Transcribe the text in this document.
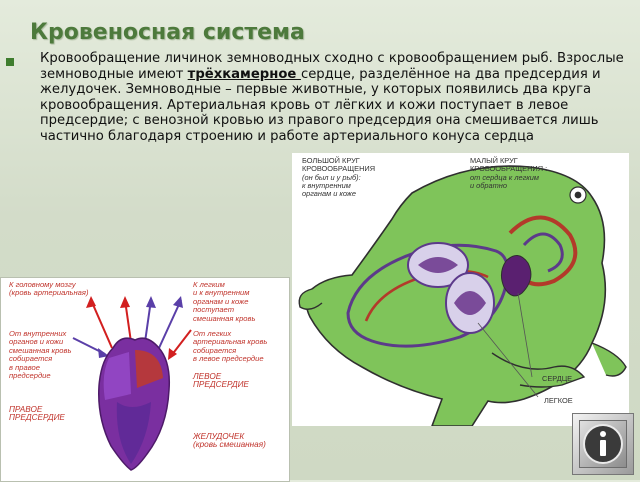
Кровеносная система

Кровообращение личинок земноводных сходно с кровообращением рыб. Взрослые земноводные имеют трёхкамерное сердце, разделённое на два предсердия и желудочек. Земноводные – первые животные, у которых появились два круга кровообращения. Артериальная кровь от лёгких и кожи поступает в левое предсердие; с венозной кровью из правого предсердия она смешивается лишь частично благодаря строению и работе артериального конуса сердца

БОЛЬШОЙ КРУГ
КРОВООБРАЩЕНИЯ

(он был и у рыб):
к внутренним
органам и коже

МАЛЫЙ КРУГ
КРОВООБРАЩЕНИЯ :

от сердца к легким
и обратно

СЕРДЦЕ

ЛЕГКОЕ

К головному мозгу
(кровь артериальная)

К легким
и к внутренним
органам и коже
поступает
смешанная кровь

От внутренних
органов и кожи
смешанная кровь
собирается
в правое
предсердие

От легких
артериальная кровь
собирается
в левое предсердие

ЛЕВОЕ
ПРЕДСЕРДИЕ

ПРАВОЕ
ПРЕДСЕРДИЕ

ЖЕЛУДОЧЕК
(кровь смешанная)
